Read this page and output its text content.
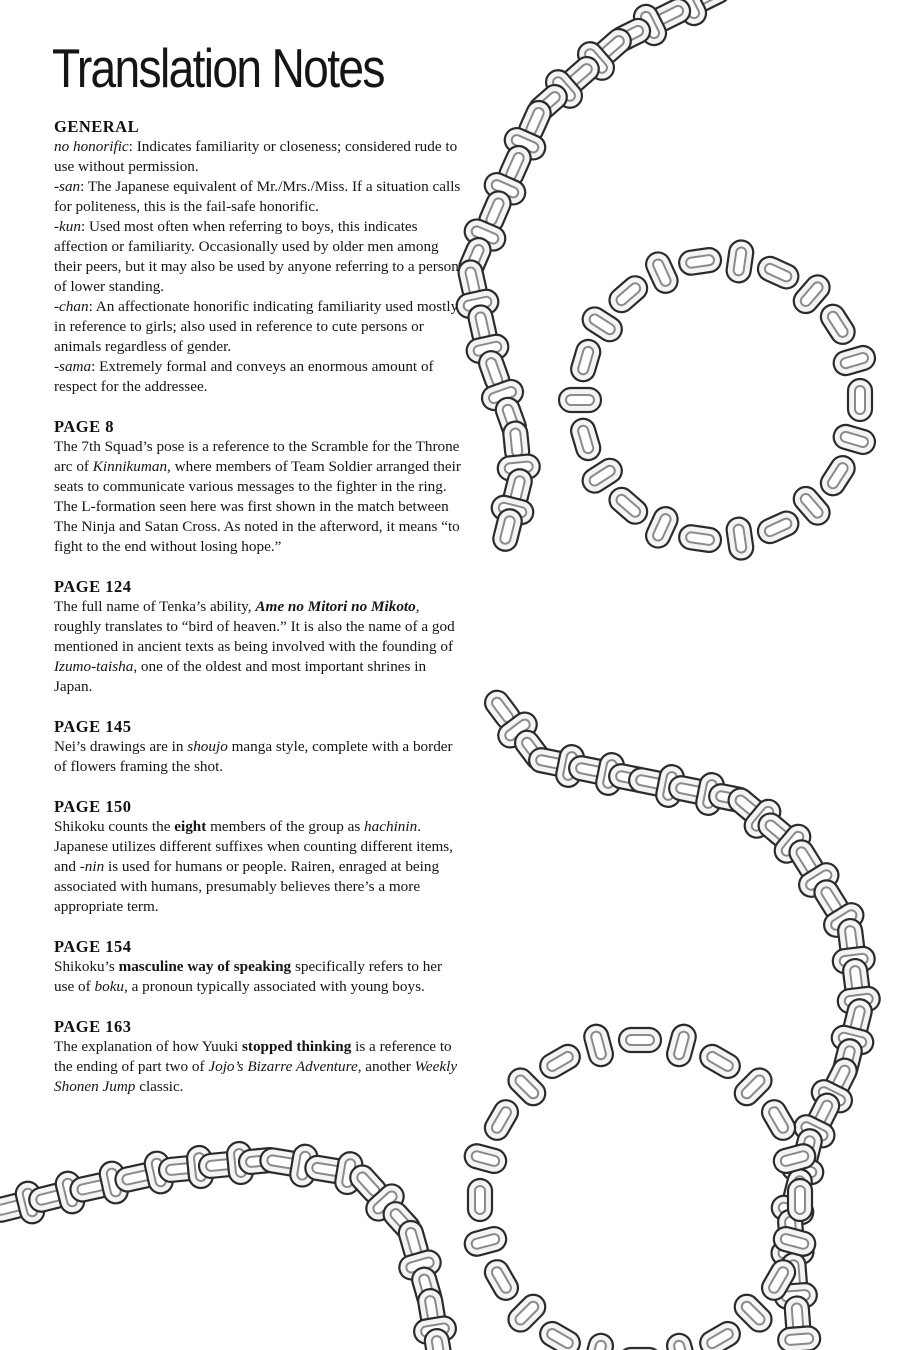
Translation Notes
GENERAL
no honorific: Indicates familiarity or closeness; considered rude to use without permission.
-san: The Japanese equivalent of Mr./Mrs./Miss. If a situation calls for politeness, this is the fail-safe honorific.
-kun: Used most often when referring to boys, this indicates affection or familiarity. Occasionally used by older men among their peers, but it may also be used by anyone referring to a person of lower standing.
-chan: An affectionate honorific indicating familiarity used mostly in reference to girls; also used in reference to cute persons or animals regardless of gender.
-sama: Extremely formal and conveys an enormous amount of respect for the addressee.
PAGE 8
The 7th Squad’s pose is a reference to the Scramble for the Throne arc of Kinnikuman, where members of Team Soldier arranged their seats to communicate various messages to the fighter in the ring. The L-formation seen here was first shown in the match between The Ninja and Satan Cross. As noted in the afterword, it means “to fight to the end without losing hope.”
PAGE 124
The full name of Tenka’s ability, Ame no Mitori no Mikoto, roughly translates to “bird of heaven.” It is also the name of a god mentioned in ancient texts as being involved with the founding of Izumo-taisha, one of the oldest and most important shrines in Japan.
PAGE 145
Nei’s drawings are in shoujo manga style, complete with a border of flowers framing the shot.
PAGE 150
Shikoku counts the eight members of the group as hachinin. Japanese utilizes different suffixes when counting different items, and -nin is used for humans or people. Rairen, enraged at being associated with humans, presumably believes there’s a more appropriate term.
PAGE 154
Shikoku’s masculine way of speaking specifically refers to her use of boku, a pronoun typically associated with young boys.
PAGE 163
The explanation of how Yuuki stopped thinking is a reference to the ending of part two of Jojo’s Bizarre Adventure, another Weekly Shonen Jump classic.
